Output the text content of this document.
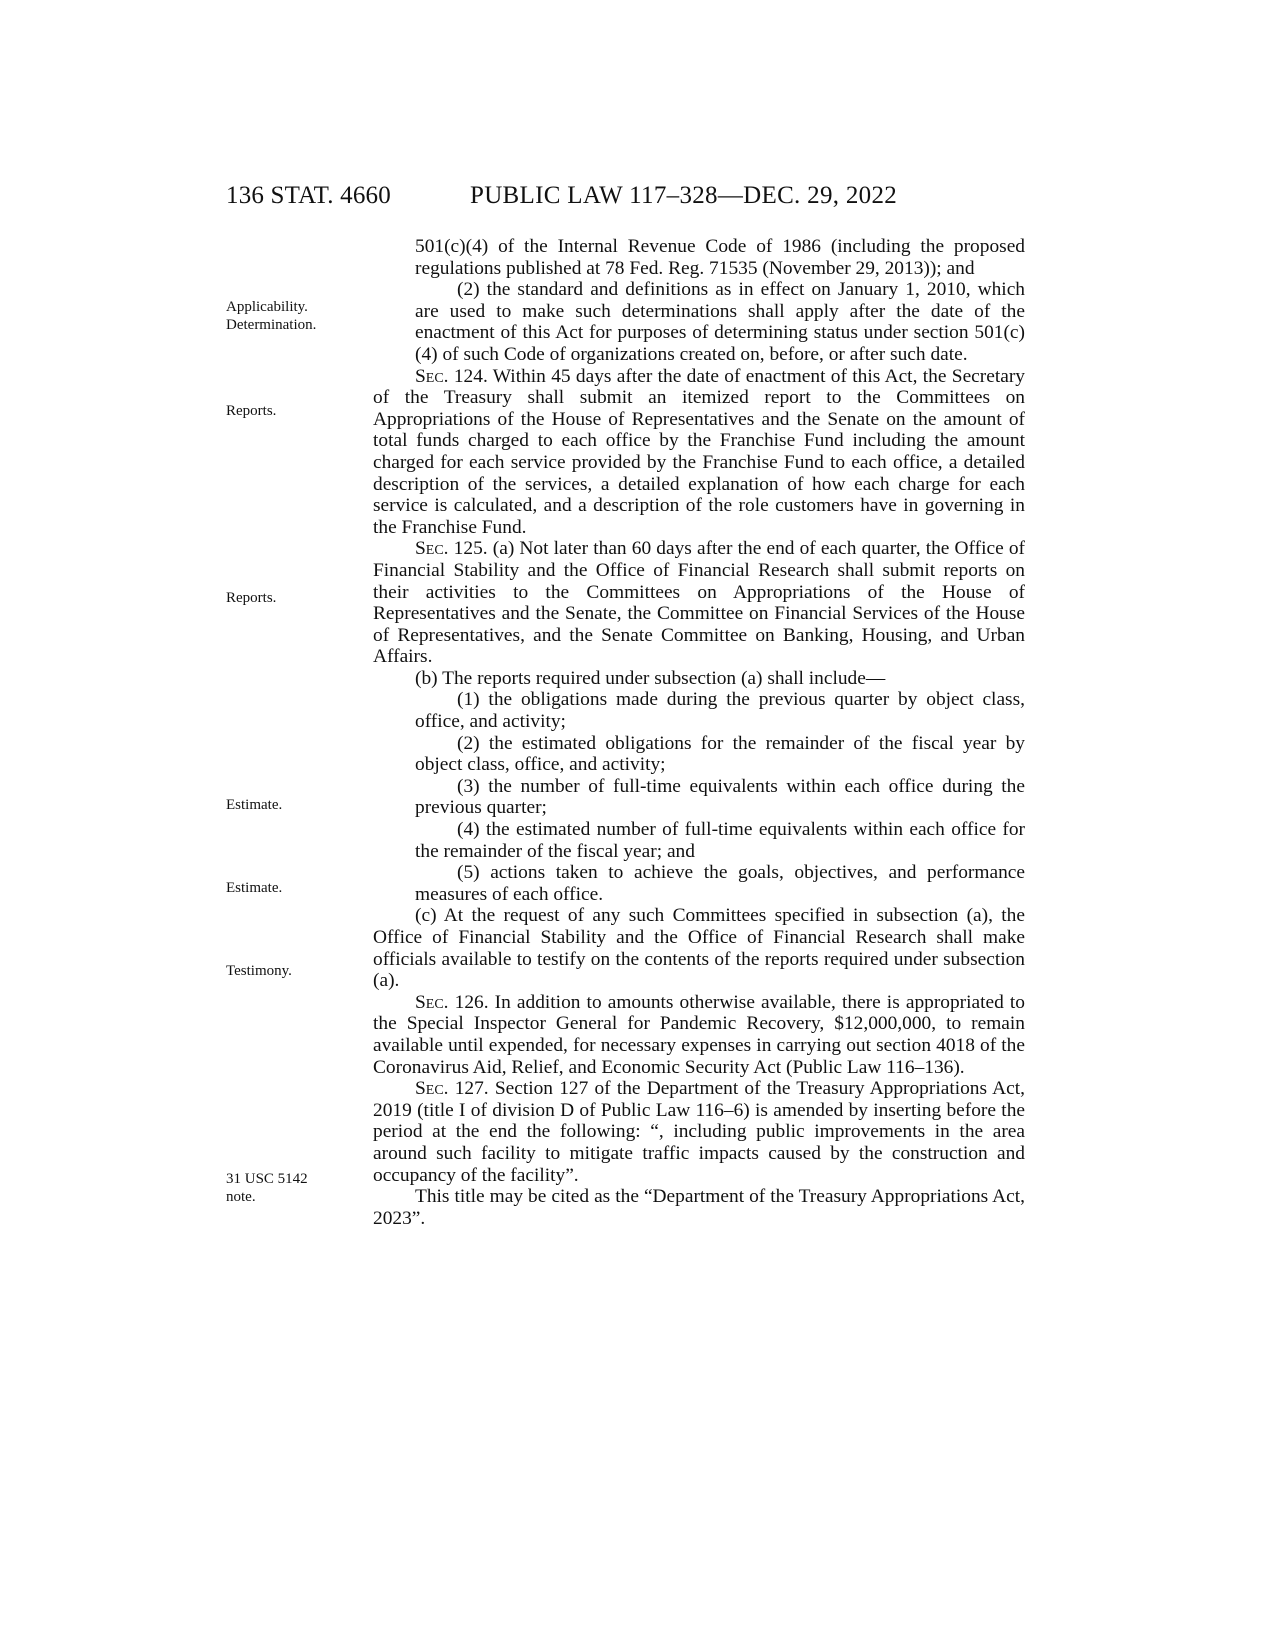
136 STAT. 4660	PUBLIC LAW 117–328—DEC. 29, 2022
Applicability.
Determination.
Reports.
Reports.
Estimate.
Estimate.
Testimony.
31 USC 5142
note.

501(c)(4) of the Internal Revenue Code of 1986 (including the proposed regulations published at 78 Fed. Reg. 71535 (November 29, 2013)); and

(2) the standard and definitions as in effect on January 1, 2010, which are used to make such determinations shall apply after the date of the enactment of this Act for purposes of determining status under section 501(c)(4) of such Code of organizations created on, before, or after such date.

Sec. 124. Within 45 days after the date of enactment of this Act, the Secretary of the Treasury shall submit an itemized report to the Committees on Appropriations of the House of Representatives and the Senate on the amount of total funds charged to each office by the Franchise Fund including the amount charged for each service provided by the Franchise Fund to each office, a detailed description of the services, a detailed explanation of how each charge for each service is calculated, and a description of the role customers have in governing in the Franchise Fund.

Sec. 125. (a) Not later than 60 days after the end of each quarter, the Office of Financial Stability and the Office of Financial Research shall submit reports on their activities to the Committees on Appropriations of the House of Representatives and the Senate, the Committee on Financial Services of the House of Representatives, and the Senate Committee on Banking, Housing, and Urban Affairs.

(b) The reports required under subsection (a) shall include—

(1) the obligations made during the previous quarter by object class, office, and activity;

(2) the estimated obligations for the remainder of the fiscal year by object class, office, and activity;

(3) the number of full-time equivalents within each office during the previous quarter;

(4) the estimated number of full-time equivalents within each office for the remainder of the fiscal year; and

(5) actions taken to achieve the goals, objectives, and performance measures of each office.

(c) At the request of any such Committees specified in subsection (a), the Office of Financial Stability and the Office of Financial Research shall make officials available to testify on the contents of the reports required under subsection (a).

Sec. 126. In addition to amounts otherwise available, there is appropriated to the Special Inspector General for Pandemic Recovery, $12,000,000, to remain available until expended, for necessary expenses in carrying out section 4018 of the Coronavirus Aid, Relief, and Economic Security Act (Public Law 116–136).

Sec. 127. Section 127 of the Department of the Treasury Appropriations Act, 2019 (title I of division D of Public Law 116–6) is amended by inserting before the period at the end the following: “, including public improvements in the area around such facility to mitigate traffic impacts caused by the construction and occupancy of the facility”.

This title may be cited as the “Department of the Treasury Appropriations Act, 2023”.
